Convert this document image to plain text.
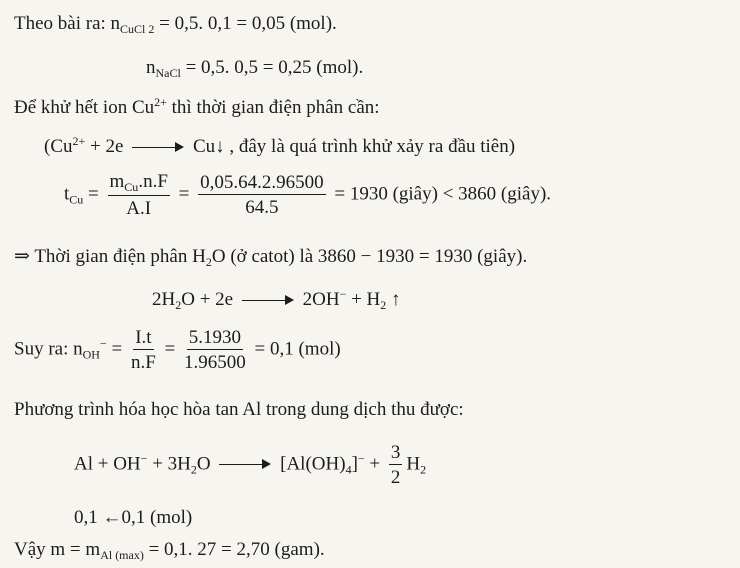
Theo bài ra: $n_{CuCl 2} = 0,5$. 0,1 = 0,05 (mol).
$n_{NaCl} = 0,5$. 0,5 = 0,25 (mol).
Để khử hết ion $Cu^{2+}$ thì thời gian điện phân cần:
($Cu^{2+} + 2e$	Cu↓ , đây là quá trình khử xảy ra đầu tiên)
$t_{Cu} = \frac{m_{Cu}.n.F}{A.I} = \frac{0,05.64.2.96500}{64.5} = 1930$ (giây) < 3860 (giây).
⇒ Thời gian điện phân $H_2O$ (ở catot) là 3860 − 1930 = 1930 (giây).
$2H_2O + 2e$	$2OH^- + H_2$ ↑
Suy ra: $n_{OH}^- = \frac{I.t}{n.F} = \frac{5.1930}{1.96500} = 0,1$ (mol)
Phương trình hóa học hòa tan Al trong dung dịch thu được:
$Al + OH^- + 3H_2O$	$[Al(OH)_4]^- + \frac{3}{2} H_2$
0,1 ←0,1 (mol)
Vậy $m = m_{Al (max)} = 0,1$. 27 = 2,70 (gam).
